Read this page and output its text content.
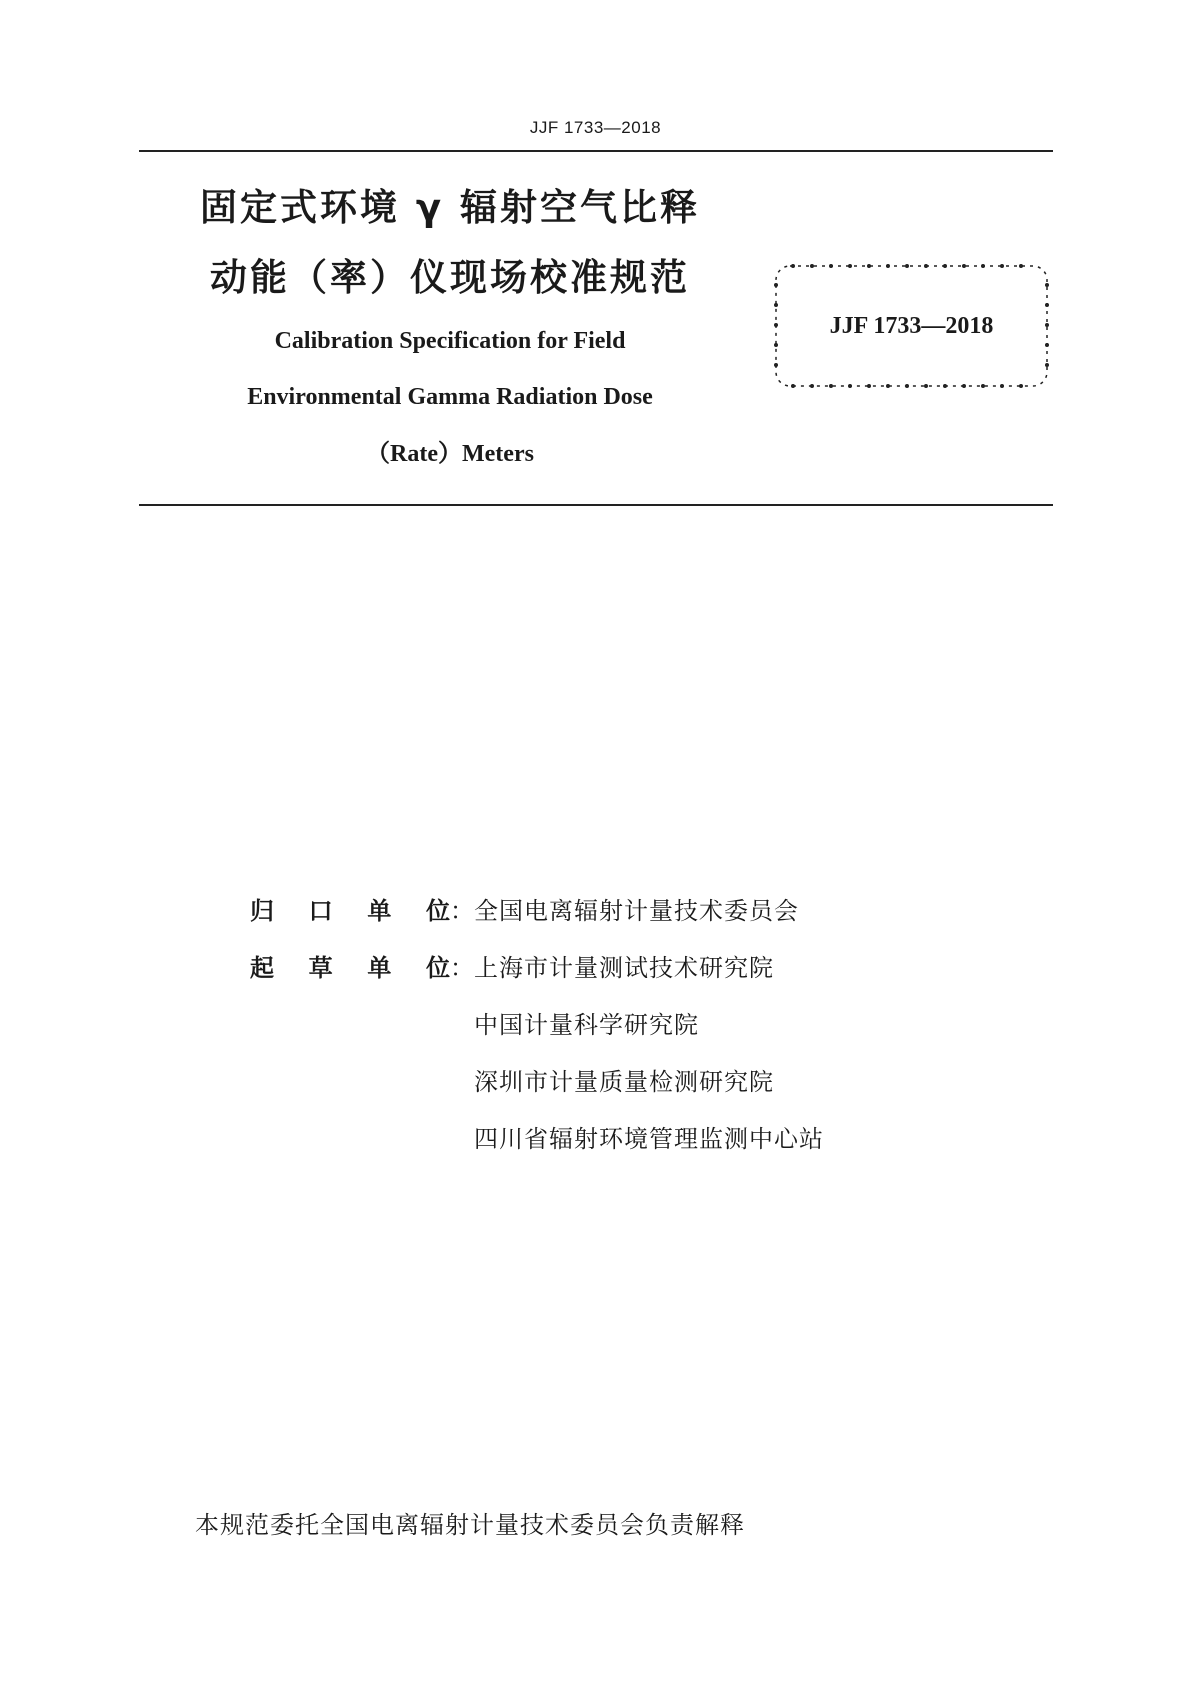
JJF 1733—2018
固定式环境 γ 辐射空气比释
动能（率）仪现场校准规范
Calibration Specification for Field
Environmental Gamma Radiation Dose
（Rate）Meters
JJF 1733—2018
归 口 单 位 ： 全国电离辐射计量技术委员会
起 草 单 位 ： 上海市计量测试技术研究院
中国计量科学研究院
深圳市计量质量检测研究院
四川省辐射环境管理监测中心站
本规范委托全国电离辐射计量技术委员会负责解释
